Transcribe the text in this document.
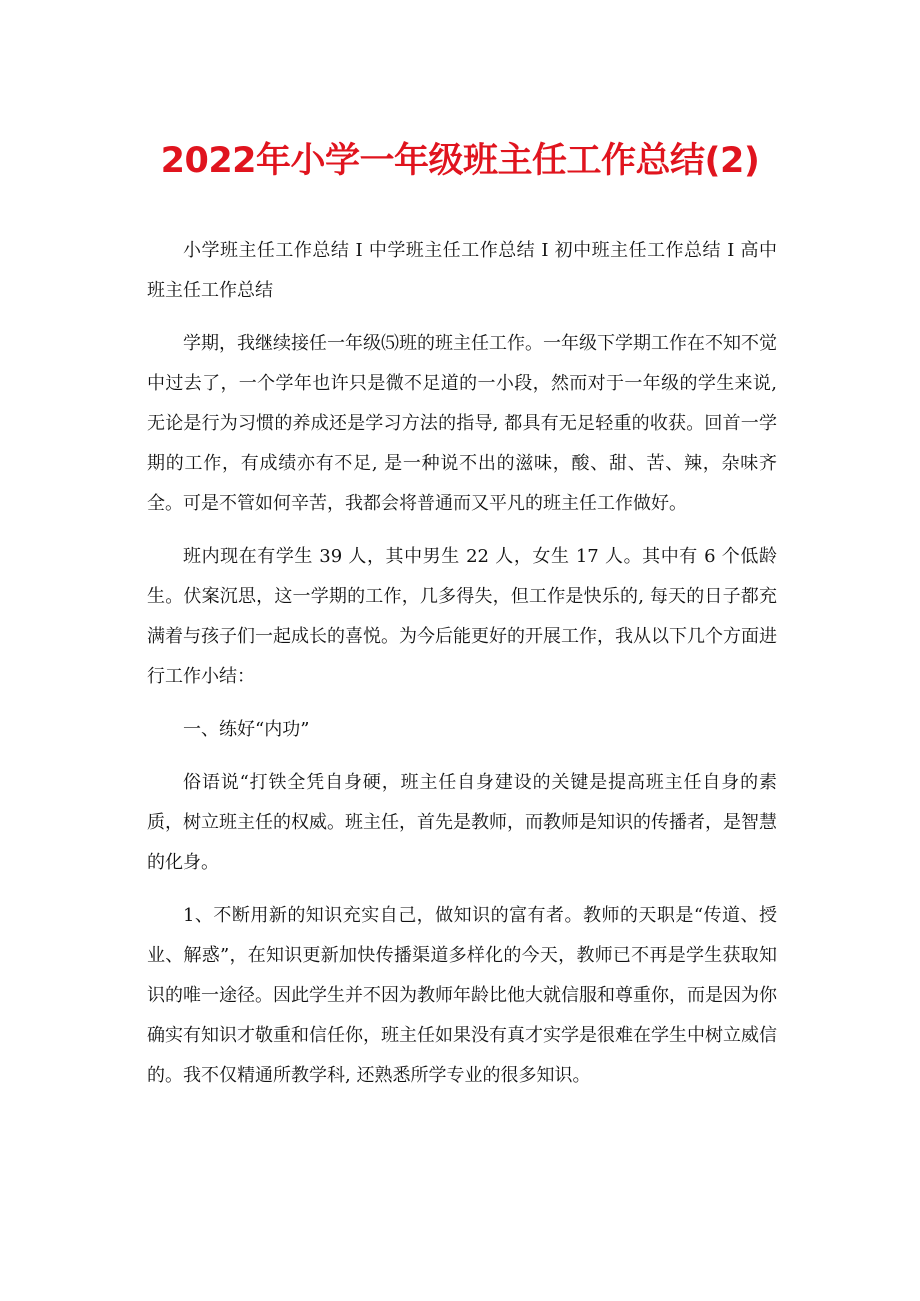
2022年小学一年级班主任工作总结(2)

小学班主任工作总结 I 中学班主任工作总结 I 初中班主任工作总结 I 高中班主任工作总结

学期，我继续接任一年级⑸班的班主任工作。一年级下学期工作在不知不觉中过去了，一个学年也许只是微不足道的一小段，然而对于一年级的学生来说,无论是行为习惯的养成还是学习方法的指导, 都具有无足轻重的收获。回首一学期的工作，有成绩亦有不足, 是一种说不出的滋味，酸、甜、苦、辣，杂味齐全。可是不管如何辛苦，我都会将普通而又平凡的班主任工作做好。

班内现在有学生 39 人，其中男生 22 人，女生 17 人。其中有 6 个低龄生。伏案沉思，这一学期的工作，几多得失，但工作是快乐的, 每天的日子都充满着与孩子们一起成长的喜悦。为今后能更好的开展工作，我从以下几个方面进行工作小结：

一、练好“内功”

俗语说“打铁全凭自身硬，班主任自身建设的关键是提高班主任自身的素质，树立班主任的权威。班主任，首先是教师，而教师是知识的传播者，是智慧的化身。

1、不断用新的知识充实自己，做知识的富有者。教师的天职是“传道、授业、解惑”，在知识更新加快传播渠道多样化的今天，教师已不再是学生获取知识的唯一途径。因此学生并不因为教师年龄比他大就信服和尊重你，而是因为你确实有知识才敬重和信任你，班主任如果没有真才实学是很难在学生中树立威信的。我不仅精通所教学科, 还熟悉所学专业的很多知识。
